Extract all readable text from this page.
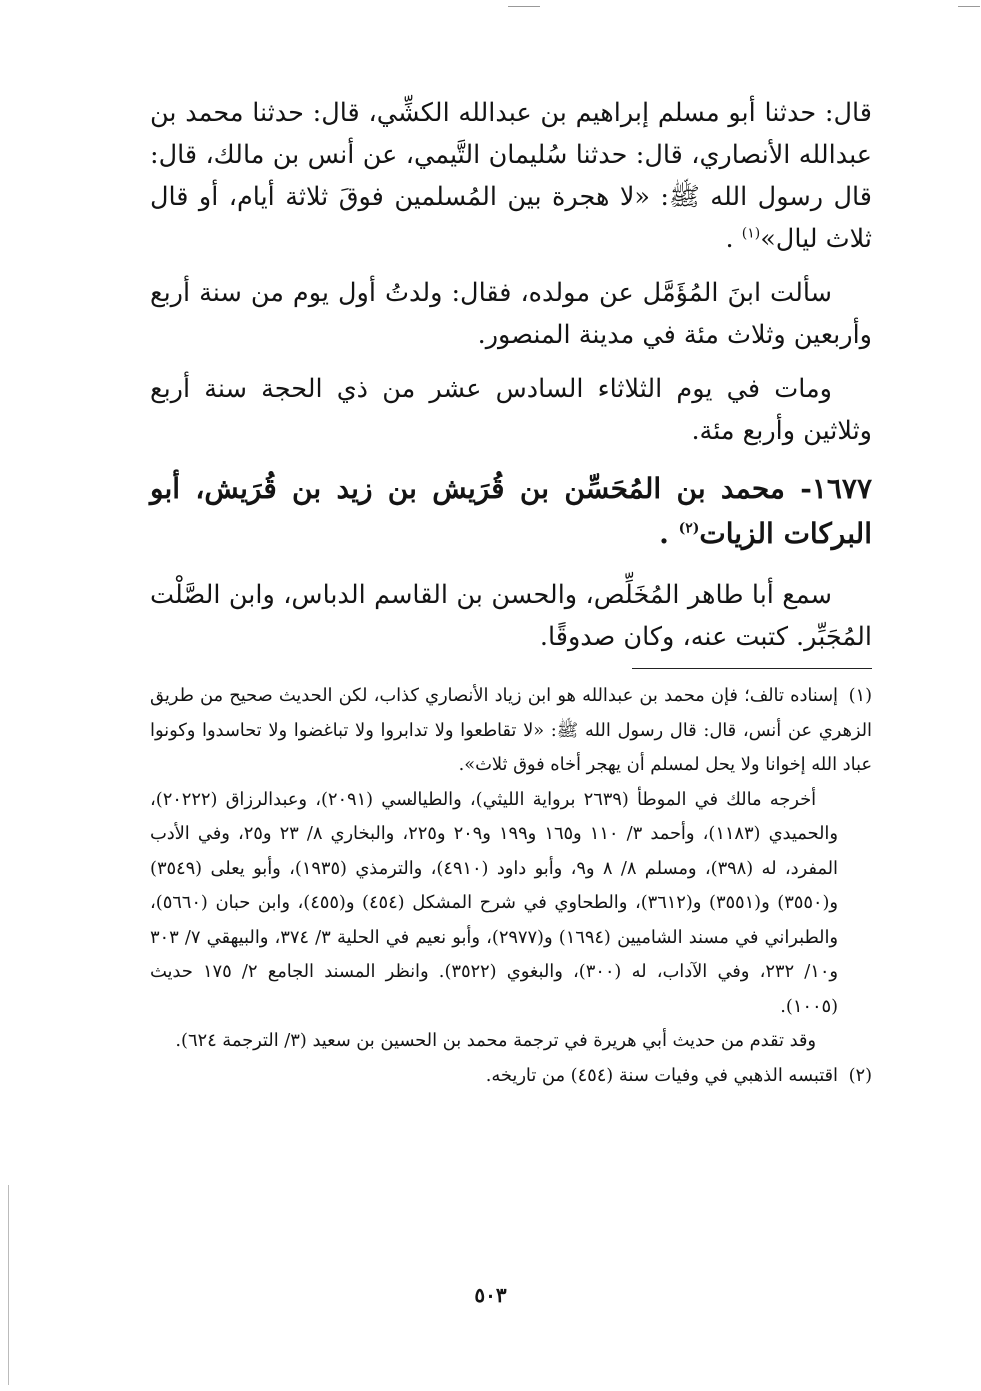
قال: حدثنا أبو مسلم إبراهيم بن عبدالله الكشِّي، قال: حدثنا محمد بن عبدالله الأنصاري، قال: حدثنا سُليمان التَّيمي، عن أنس بن مالك، قال: قال رسول الله ﷺ: «لا هجرة بين المُسلمين فوقَ ثلاثة أيام، أو قال ثلاث ليال»$^{(١)}$ .

سألت ابنَ المُؤَمَّل عن مولده، فقال: ولدتُ أول يوم من سنة أربع وأربعين وثلاث مئة في مدينة المنصور.

ومات في يوم الثلاثاء السادس عشر من ذي الحجة سنة أربع وثلاثين وأربع مئة.

١٦٧٧- محمد بن المُحَسِّن بن قُرَيش بن زيد بن قُرَيش، أبو البركات الزيات$^{(٢)}$ .

سمع أبا طاهر المُخَلِّص، والحسن بن القاسم الدباس، وابن الصَّلْت المُجَبِّر. كتبت عنه، وكان صدوقًا.

(١)إسناده تالف؛ فإن محمد بن عبدالله هو ابن زياد الأنصاري كذاب، لكن الحديث صحيح من طريق الزهري عن أنس، قال: قال رسول الله ﷺ: «لا تقاطعوا ولا تدابروا ولا تباغضوا ولا تحاسدوا وكونوا عباد الله إخوانا ولا يحل لمسلم أن يهجر أخاه فوق ثلاث».

أخرجه مالك في الموطأ (٢٦٣٩ برواية الليثي)، والطيالسي (٢٠٩١)، وعبدالرزاق (٢٠٢٢٢)، والحميدي (١١٨٣)، وأحمد ٣/ ١١٠ و١٦٥ و١٩٩ و٢٠٩ و٢٢٥، والبخاري ٨/ ٢٣ و٢٥، وفي الأدب المفرد، له (٣٩٨)، ومسلم ٨/ ٨ و٩، وأبو داود (٤٩١٠)، والترمذي (١٩٣٥)، وأبو يعلى (٣٥٤٩) و(٣٥٥٠) و(٣٥٥١) و(٣٦١٢)، والطحاوي في شرح المشكل (٤٥٤) و(٤٥٥)، وابن حبان (٥٦٦٠)، والطبراني في مسند الشاميين (١٦٩٤) و(٢٩٧٧)، وأبو نعيم في الحلية ٣/ ٣٧٤، والبيهقي ٧/ ٣٠٣ و١٠/ ٢٣٢، وفي الآداب، له (٣٠٠)، والبغوي (٣٥٢٢). وانظر المسند الجامع ٢/ ١٧٥ حديث (١٠٠٥).

وقد تقدم من حديث أبي هريرة في ترجمة محمد بن الحسين بن سعيد (٣/ الترجمة ٦٢٤).

(٢)اقتبسه الذهبي في وفيات سنة (٤٥٤) من تاريخه.

٥٠٣
